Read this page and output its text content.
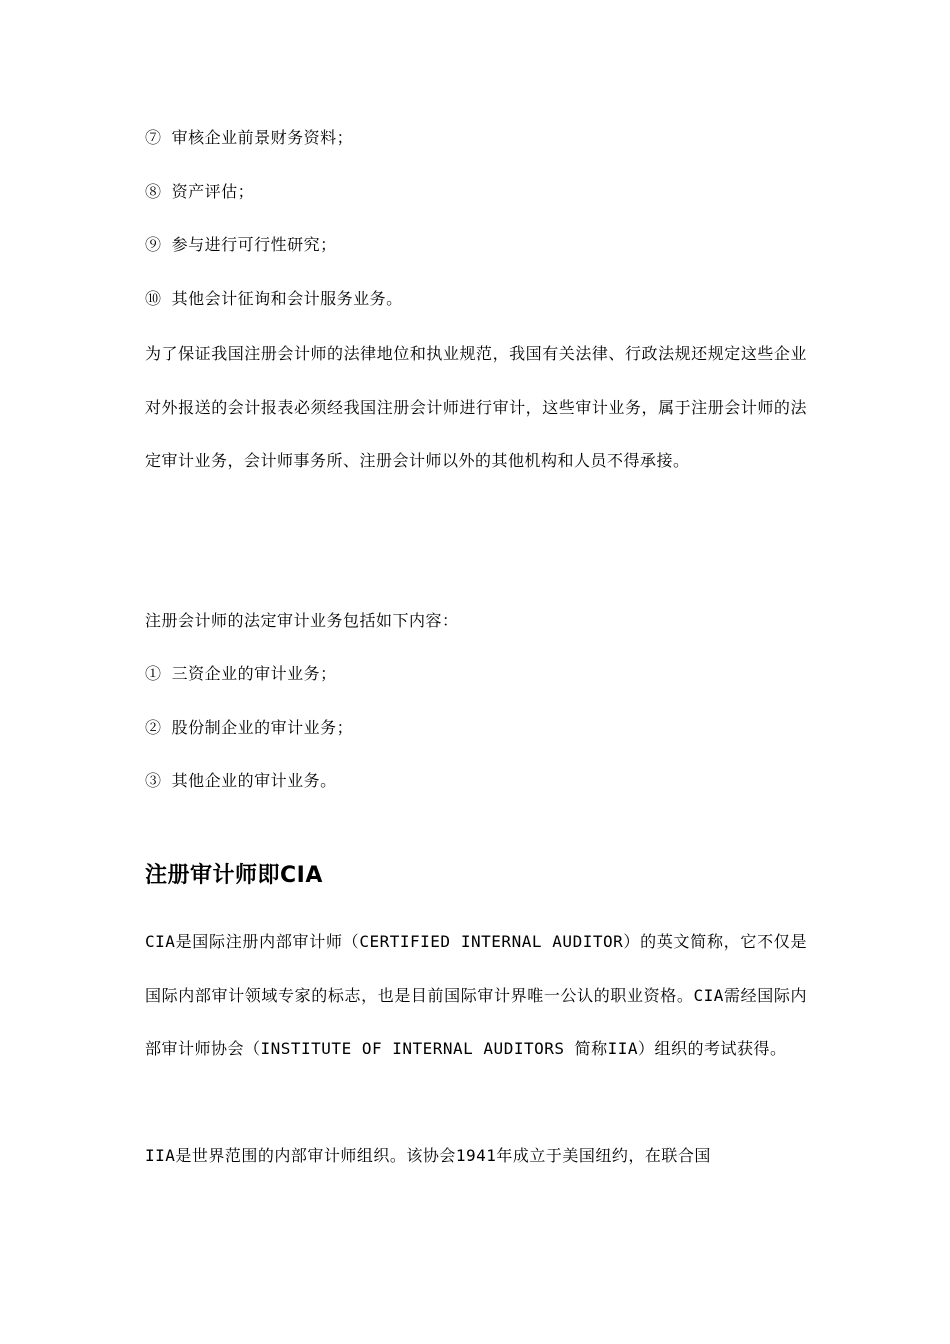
⑦ 审核企业前景财务资料；
⑧ 资产评估；
⑨ 参与进行可行性研究；
⑩ 其他会计征询和会计服务业务。
为了保证我国注册会计师的法律地位和执业规范，我国有关法律、行政法规还规定这些企业对外报送的会计报表必须经我国注册会计师进行审计，这些审计业务，属于注册会计师的法定审计业务，会计师事务所、注册会计师以外的其他机构和人员不得承接。
注册会计师的法定审计业务包括如下内容：
① 三资企业的审计业务；
② 股份制企业的审计业务；
③ 其他企业的审计业务。
注册审计师即CIA
CIA是国际注册内部审计师（CERTIFIED INTERNAL AUDITOR）的英文简称，它不仅是国际内部审计领域专家的标志，也是目前国际审计界唯一公认的职业资格。CIA需经国际内部审计师协会（INSTITUTE OF INTERNAL AUDITORS 简称IIA）组织的考试获得。
IIA是世界范围的内部审计师组织。该协会1941年成立于美国纽约，在联合国
